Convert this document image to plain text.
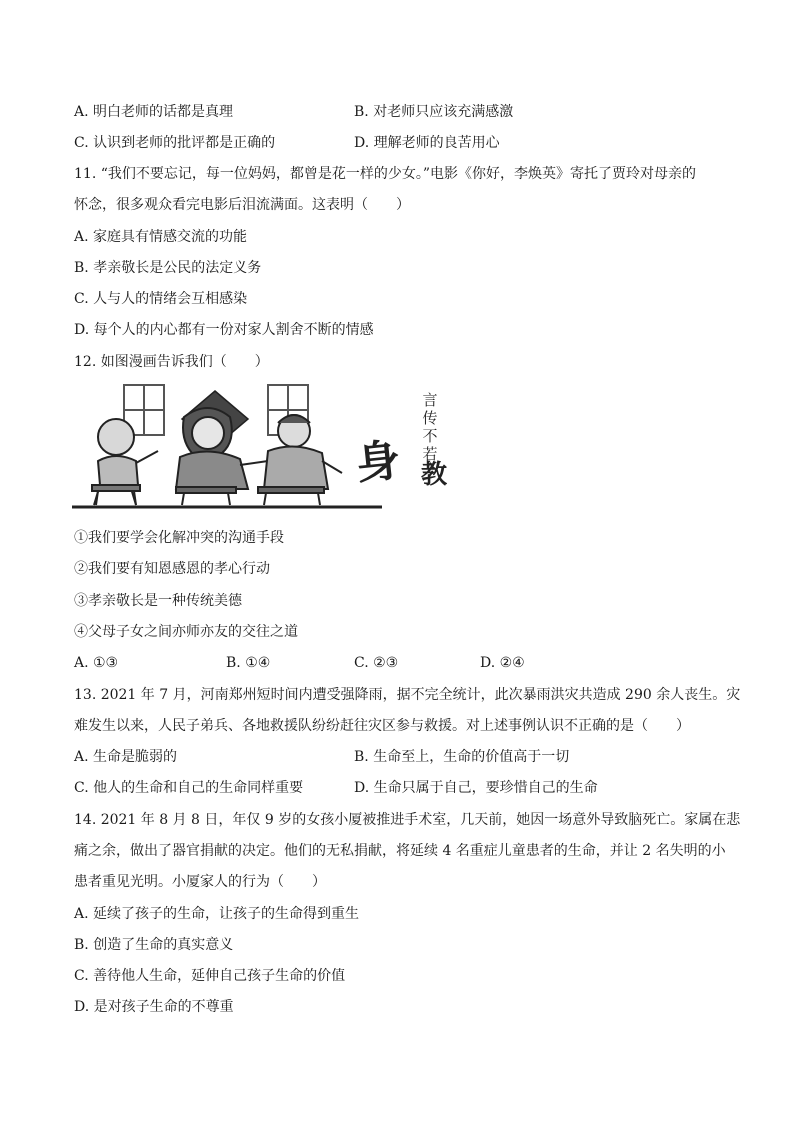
A. 明白老师的话都是真理	B. 对老师只应该充满感激
C. 认识到老师的批评都是正确的	D. 理解老师的良苦用心
11. “我们不要忘记，每一位妈妈，都曾是花一样的少女。”电影《你好，李焕英》寄托了贾玲对母亲的
怀念，很多观众看完电影后泪流满面。这表明（　　）
A. 家庭具有情感交流的功能
B. 孝亲敬长是公民的法定义务
C. 人与人的情绪会互相感染
D. 每个人的内心都有一份对家人割舍不断的情感
12. 如图漫画告诉我们（　　）
言
传
不
若
身 教
①我们要学会化解冲突的沟通手段
②我们要有知恩感恩的孝心行动
③孝亲敬长是一种传统美德
④父母子女之间亦师亦友的交往之道
A. ①③	B. ①④	C. ②③	D. ②④
13. 2021 年 7 月，河南郑州短时间内遭受强降雨，据不完全统计，此次暴雨洪灾共造成 290 余人丧生。灾
难发生以来，人民子弟兵、各地救援队纷纷赶往灾区参与救援。对上述事例认识不正确的是（　　）
A. 生命是脆弱的	B. 生命至上，生命的价值高于一切
C. 他人的生命和自己的生命同样重要	D. 生命只属于自己，要珍惜自己的生命
14. 2021 年 8 月 8 日，年仅 9 岁的女孩小厦被推进手术室，几天前，她因一场意外导致脑死亡。家属在悲
痛之余，做出了器官捐献的决定。他们的无私捐献，将延续 4 名重症儿童患者的生命，并让 2 名失明的小
患者重见光明。小厦家人的行为（　　）
A. 延续了孩子的生命，让孩子的生命得到重生
B. 创造了生命的真实意义
C. 善待他人生命，延伸自己孩子生命的价值
D. 是对孩子生命的不尊重
